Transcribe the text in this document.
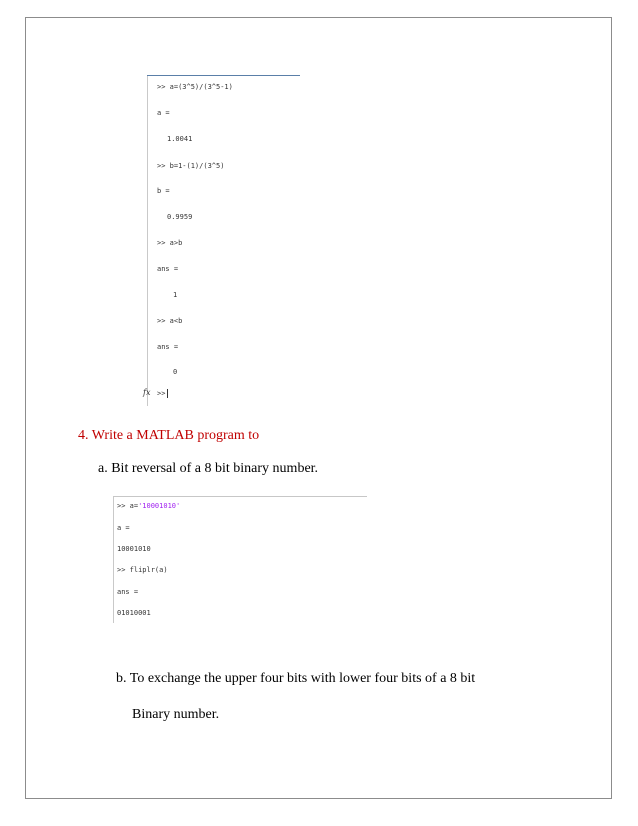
>> a=(3^5)/(3^5-1)
a =
1.0041
>> b=1-(1)/(3^5)
b =
0.9959
>> a>b
ans =
1
>> a<b
ans =
0
fx >>
4. Write a MATLAB program to
a. Bit reversal of a 8 bit binary number.
>> a='10001010'
a =
10001010
>> fliplr(a)
ans =
01010001
b. To exchange the upper four bits with lower four bits of a 8 bit
Binary number.
